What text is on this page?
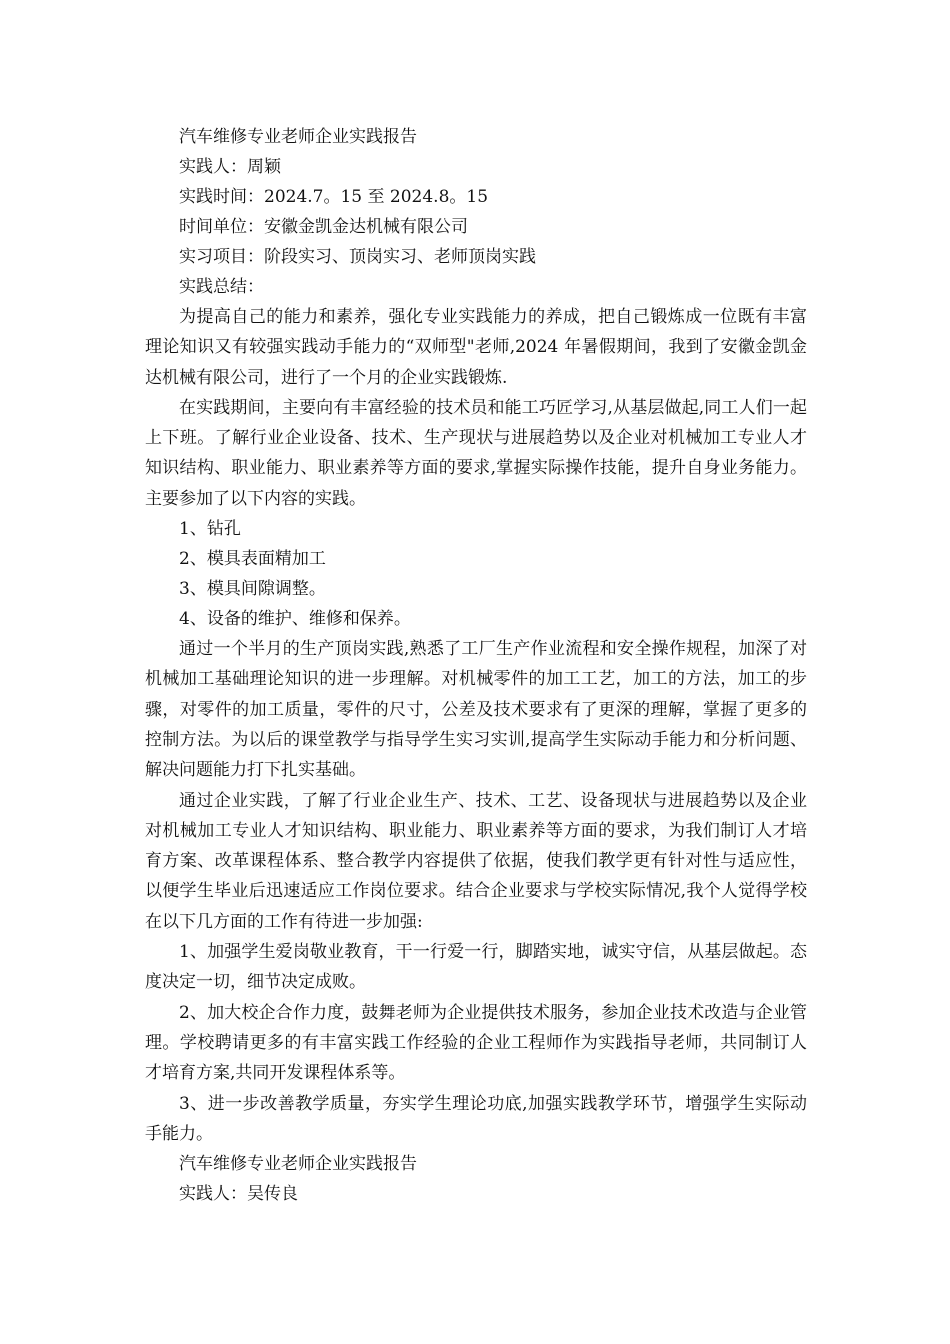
汽车维修专业老师企业实践报告

实践人：周颖

实践时间：2024.7。15 至 2024.8。15

时间单位：安徽金凯金达机械有限公司

实习项目：阶段实习、顶岗实习、老师顶岗实践

实践总结：

为提高自己的能力和素养，强化专业实践能力的养成，把自己锻炼成一位既有丰富理论知识又有较强实践动手能力的“双师型"老师,2024 年暑假期间，我到了安徽金凯金达机械有限公司，进行了一个月的企业实践锻炼.

在实践期间，主要向有丰富经验的技术员和能工巧匠学习,从基层做起,同工人们一起上下班。了解行业企业设备、技术、生产现状与进展趋势以及企业对机械加工专业人才知识结构、职业能力、职业素养等方面的要求,掌握实际操作技能，提升自身业务能力。主要参加了以下内容的实践。

1、钻孔

2、模具表面精加工

3、模具间隙调整。

4、设备的维护、维修和保养。

通过一个半月的生产顶岗实践,熟悉了工厂生产作业流程和安全操作规程，加深了对机械加工基础理论知识的进一步理解。对机械零件的加工工艺，加工的方法，加工的步骤，对零件的加工质量，零件的尺寸，公差及技术要求有了更深的理解，掌握了更多的控制方法。为以后的课堂教学与指导学生实习实训,提高学生实际动手能力和分析问题、解决问题能力打下扎实基础。

通过企业实践，了解了行业企业生产、技术、工艺、设备现状与进展趋势以及企业对机械加工专业人才知识结构、职业能力、职业素养等方面的要求，为我们制订人才培育方案、改革课程体系、整合教学内容提供了依据，使我们教学更有针对性与适应性，以便学生毕业后迅速适应工作岗位要求。结合企业要求与学校实际情况,我个人觉得学校在以下几方面的工作有待进一步加强:

1、加强学生爱岗敬业教育，干一行爱一行，脚踏实地，诚实守信，从基层做起。态度决定一切，细节决定成败。

2、加大校企合作力度，鼓舞老师为企业提供技术服务，参加企业技术改造与企业管理。学校聘请更多的有丰富实践工作经验的企业工程师作为实践指导老师，共同制订人才培育方案,共同开发课程体系等。

3、进一步改善教学质量，夯实学生理论功底,加强实践教学环节，增强学生实际动手能力。

汽车维修专业老师企业实践报告

实践人：吴传良
